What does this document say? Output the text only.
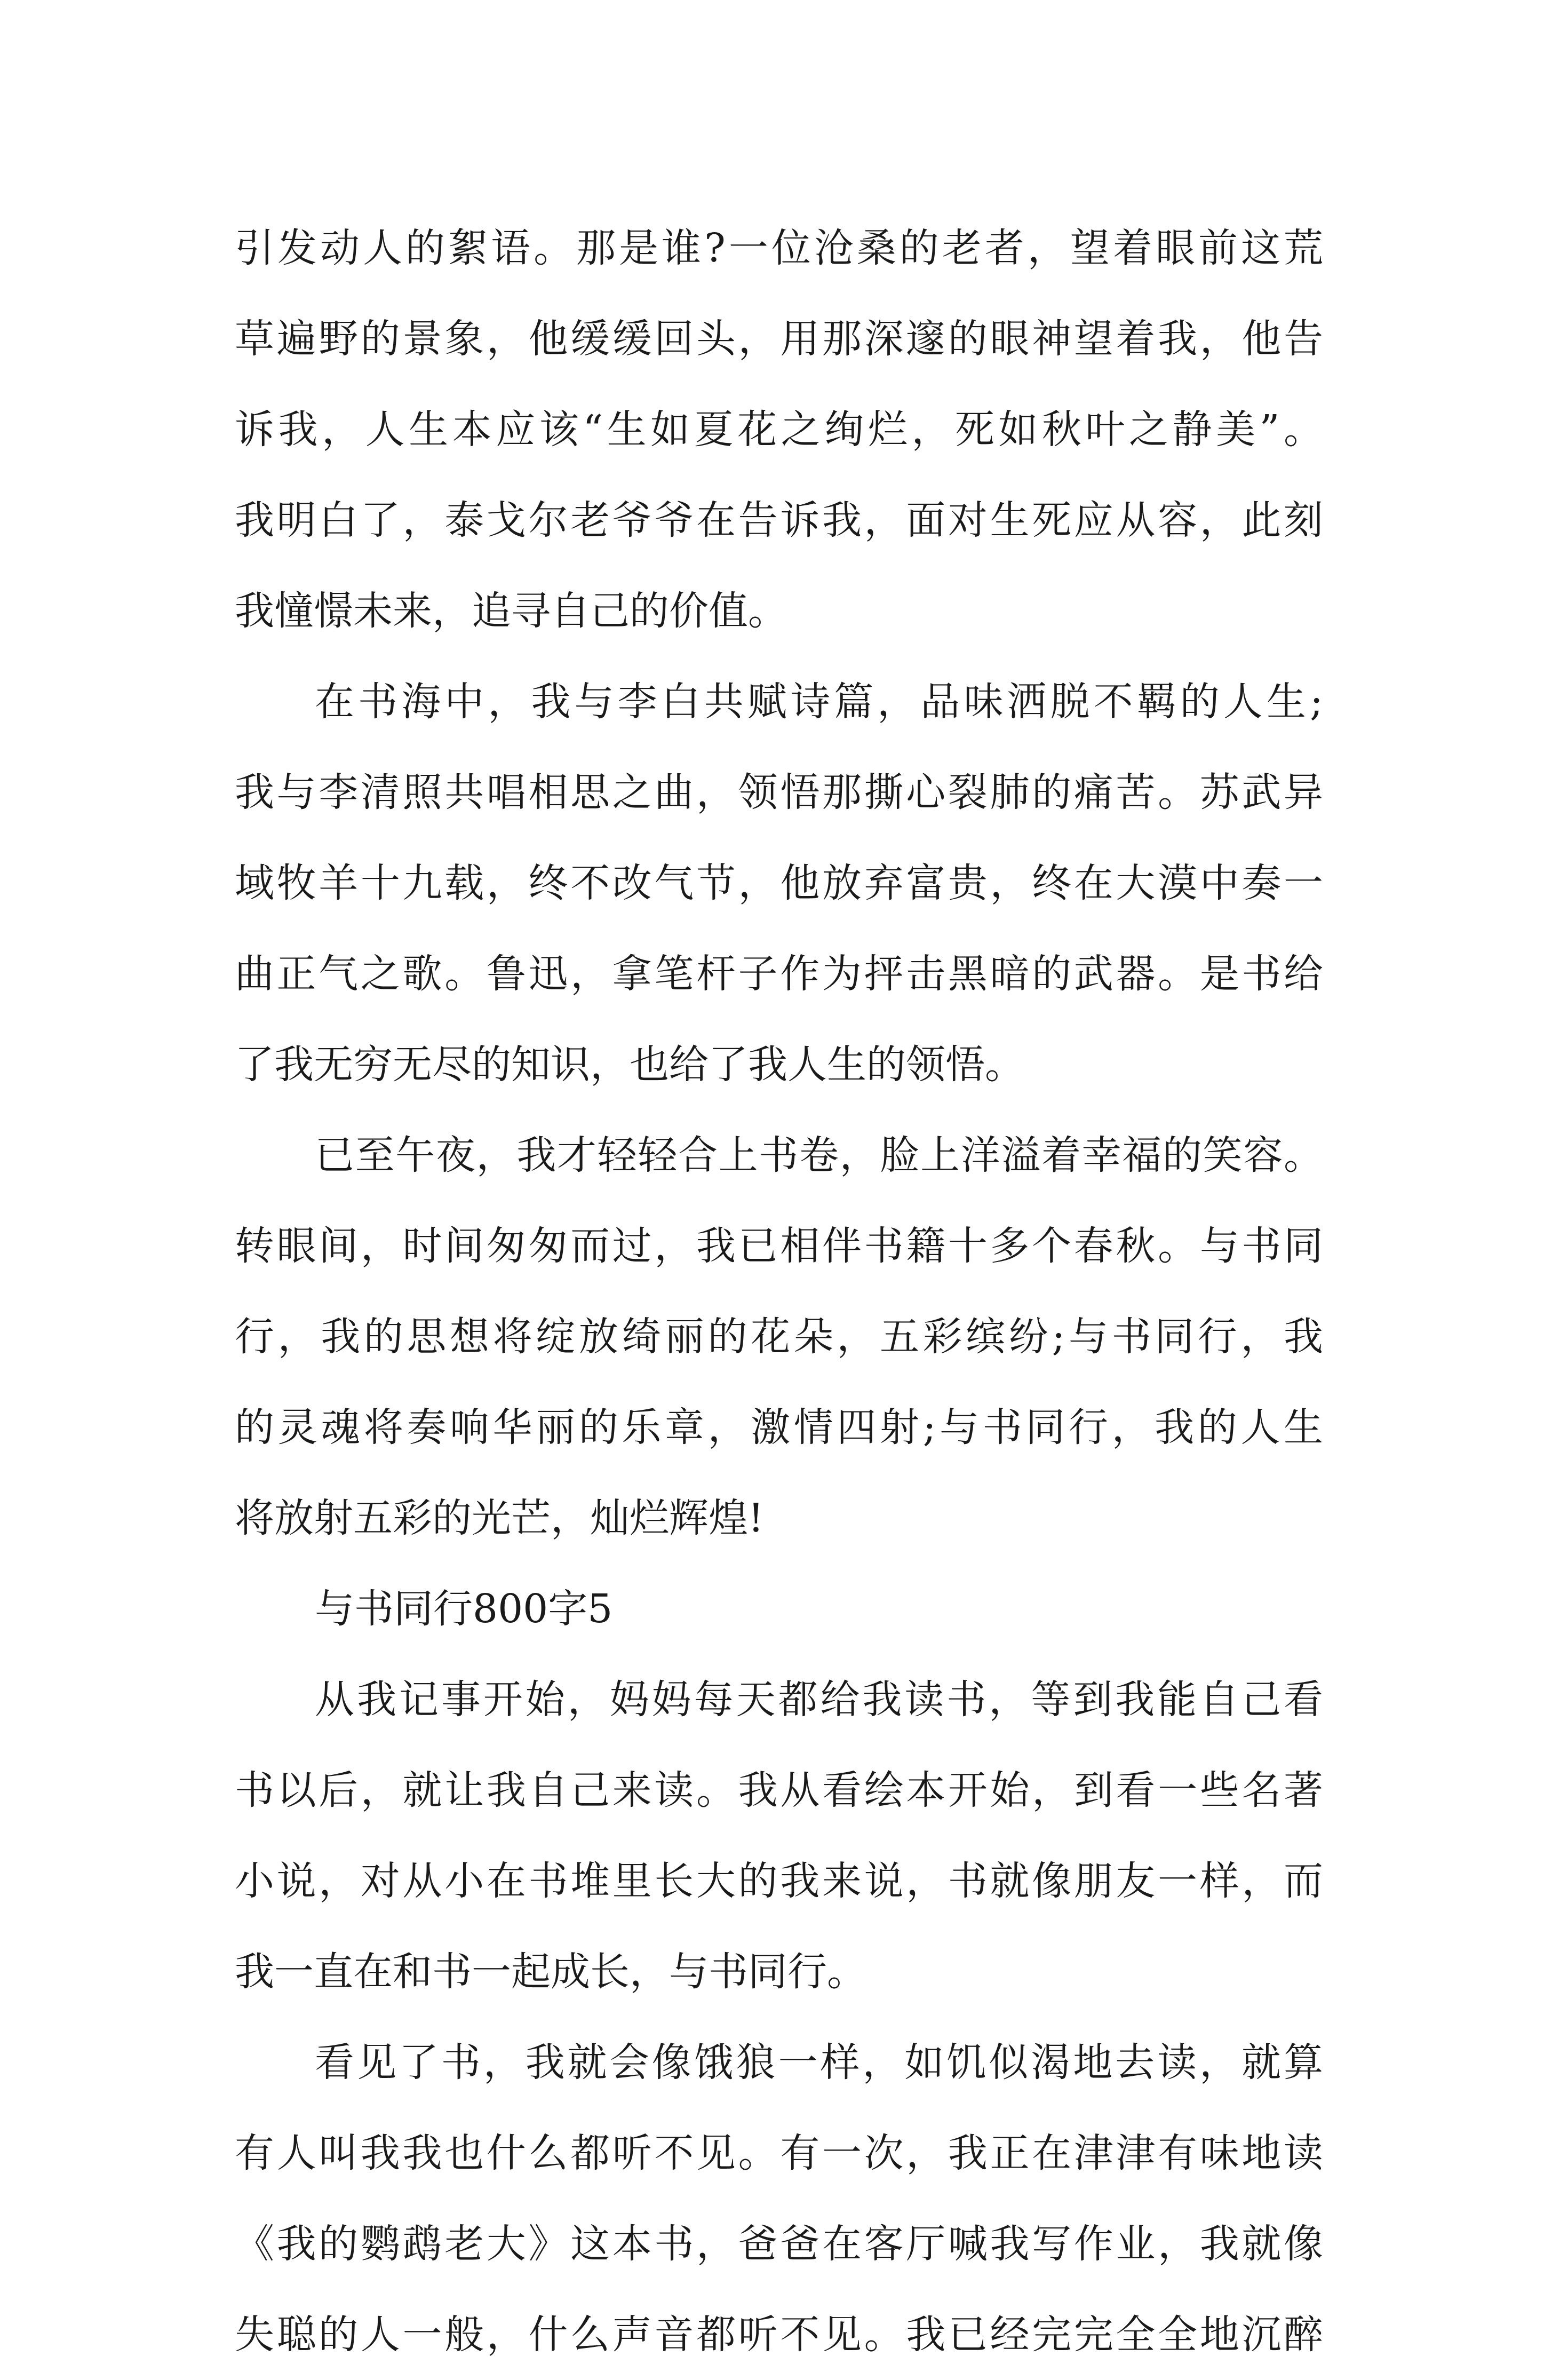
引发动人的絮语。那是谁?一位沧桑的老者，望着眼前这荒
草遍野的景象，他缓缓回头，用那深邃的眼神望着我，他告
诉我，人生本应该“生如夏花之绚烂，死如秋叶之静美”。
我明白了，泰戈尔老爷爷在告诉我，面对生死应从容，此刻
我憧憬未来，追寻自己的价值。
在书海中，我与李白共赋诗篇，品味洒脱不羁的人生;
我与李清照共唱相思之曲，领悟那撕心裂肺的痛苦。苏武异
域牧羊十九载，终不改气节，他放弃富贵，终在大漠中奏一
曲正气之歌。鲁迅，拿笔杆子作为抨击黑暗的武器。是书给
了我无穷无尽的知识，也给了我人生的领悟。
已至午夜，我才轻轻合上书卷，脸上洋溢着幸福的笑容。
转眼间，时间匆匆而过，我已相伴书籍十多个春秋。与书同
行，我的思想将绽放绮丽的花朵，五彩缤纷;与书同行，我
的灵魂将奏响华丽的乐章，激情四射;与书同行，我的人生
将放射五彩的光芒，灿烂辉煌!
与书同行800字5
从我记事开始，妈妈每天都给我读书，等到我能自己看
书以后，就让我自己来读。我从看绘本开始，到看一些名著
小说，对从小在书堆里长大的我来说，书就像朋友一样，而
我一直在和书一起成长，与书同行。
看见了书，我就会像饿狼一样，如饥似渴地去读，就算
有人叫我我也什么都听不见。有一次，我正在津津有味地读
《我的鹦鹉老大》这本书，爸爸在客厅喊我写作业，我就像
失聪的人一般，什么声音都听不见。我已经完完全全地沉醉
